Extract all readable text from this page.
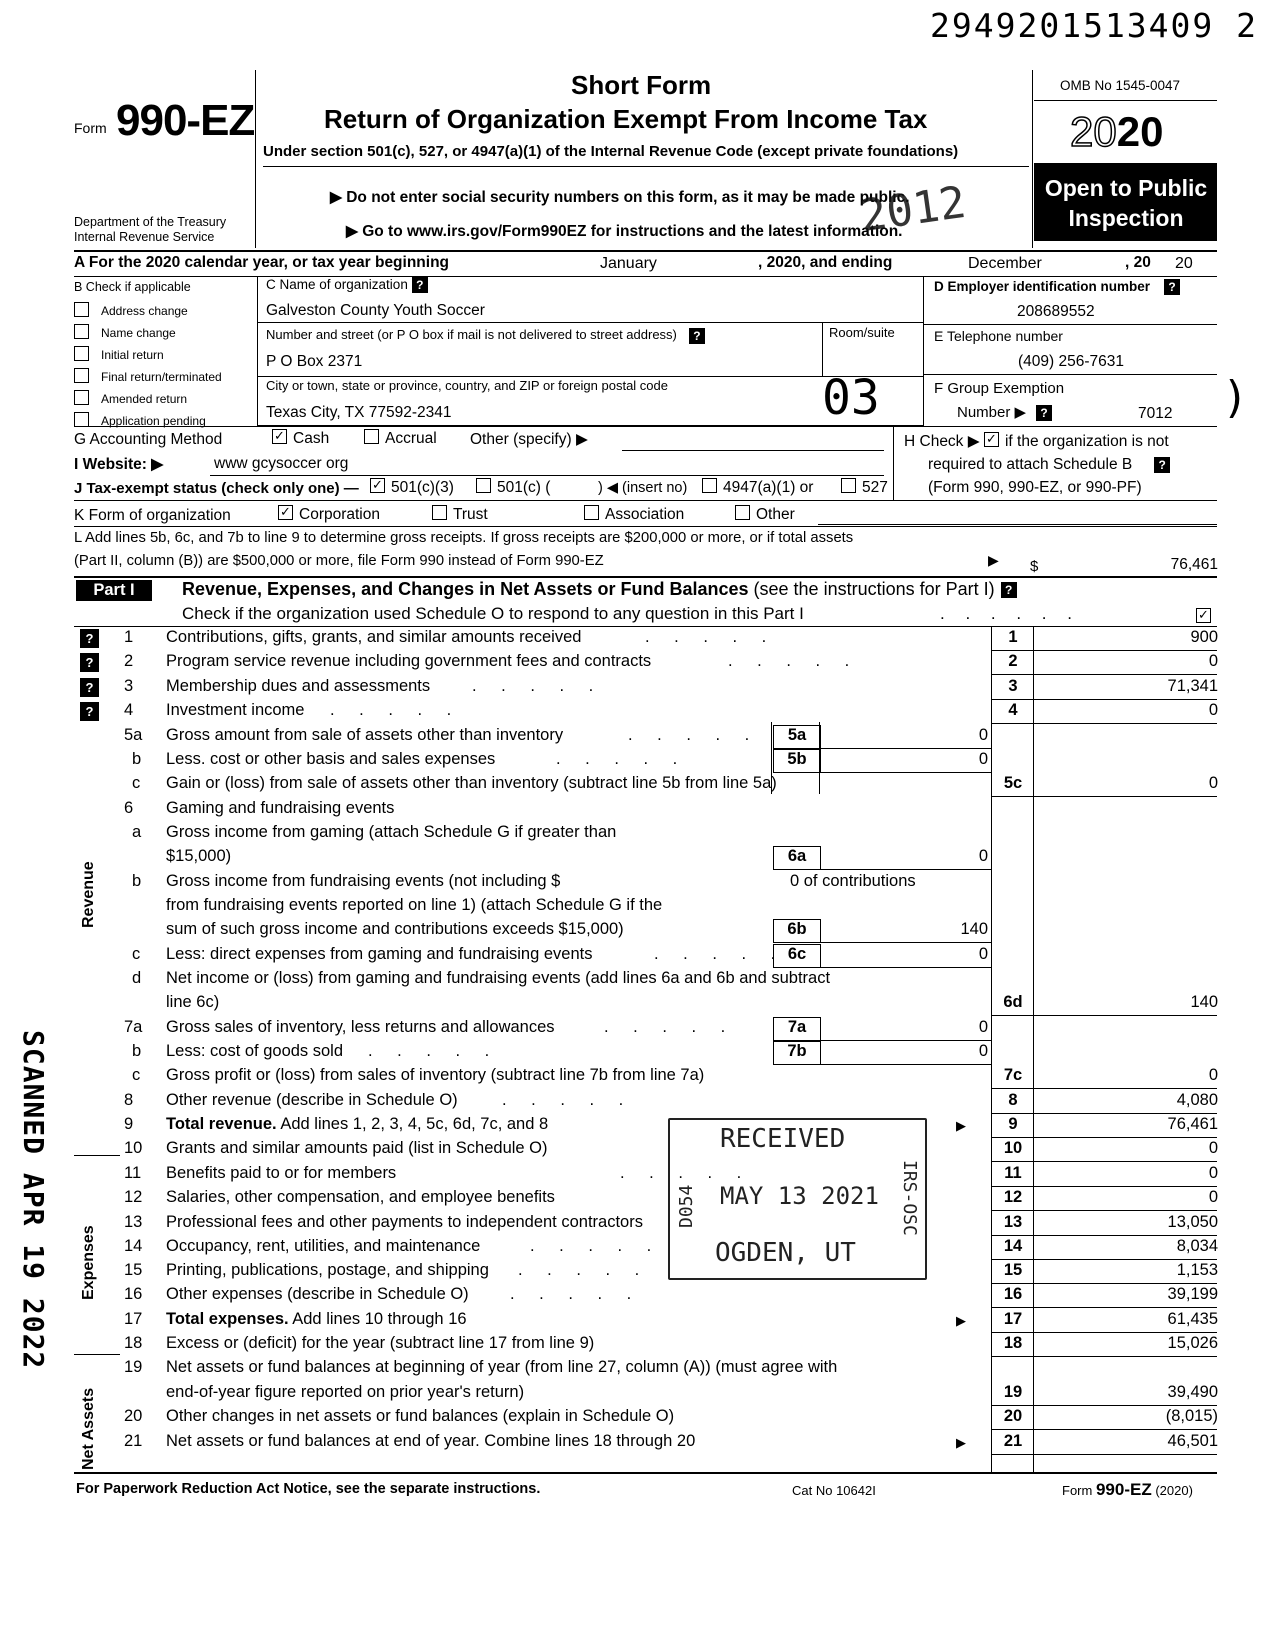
2949201513409 2
Form 990-EZ
Department of the Treasury
Internal Revenue Service
Short Form
Return of Organization Exempt From Income Tax
Under section 501(c), 527, or 4947(a)(1) of the Internal Revenue Code (except private foundations)
▶ Do not enter social security numbers on this form, as it may be made public.
▶ Go to www.irs.gov/Form990EZ for instructions and the latest information.
2012
OMB No 1545-0047
2020
Open to Public Inspection
A For the 2020 calendar year, or tax year beginning	January	, 2020, and ending	December	, 20 20
B Check if applicable
Address change
Name change
Initial return
Final return/terminated
Amended return
Application pending
C Name of organization ?
Galveston County Youth Soccer
Number and street (or P O box if mail is not delivered to street address) ?	Room/suite
P O Box 2371
City or town, state or province, country, and ZIP or foreign postal code
Texas City, TX 77592-2341	03
D Employer identification number ?
208689552
E Telephone number
(409) 256-7631
F Group Exemption
Number ▶ ?	7012 )
G Accounting Method	✓ Cash	Accrual Other (specify) ▶	H Check ▶ ✓ if the organization is not
required to attach Schedule B ?
(Form 990, 990-EZ, or 990-PF)
I Website: ▶	www gcysoccer org
J Tax-exempt status (check only one) — ✓ 501(c)(3)	501(c) (	) ◀ (insert no)	4947(a)(1) or	527
K Form of organization	✓ Corporation	Trust	Association	Other
L Add lines 5b, 6c, and 7b to line 9 to determine gross receipts. If gross receipts are $200,000 or more, or if total assets
(Part II, column (B)) are $500,000 or more, file Form 990 instead of Form 990-EZ	▶ $	76,461
Part I	Revenue, Expenses, and Changes in Net Assets or Fund Balances (see the instructions for Part I) ?
Check if the organization used Schedule O to respond to any question in this Part I	. . . . . .	✓
?	1	Contributions, gifts, grants, and similar amounts received	. . . . .	1	900
?	2	Program service revenue including government fees and contracts	. . . . .	2	0
?	3	Membership dues and assessments	. . . . .	3	71,341
?	4	Investment income . . . . .	4	0
5a	Gross amount from sale of assets other than inventory	. . . . .	5a	0
b	Less. cost or other basis and sales expenses	. . . . .	5b	0
c	Gain or (loss) from sale of assets other than inventory (subtract line 5b from line 5a)	5c	0
6	Gaming and fundraising events
a	Gross income from gaming (attach Schedule G if greater than
$15,000)	6a	0
b	Gross income from fundraising events (not including $	0 of contributions
from fundraising events reported on line 1) (attach Schedule G if the
sum of such gross income and contributions exceeds $15,000)	6b	140
c	Less: direct expenses from gaming and fundraising events	. . . . . 6c	0
d	Net income or (loss) from gaming and fundraising events (add lines 6a and 6b and subtract
line 6c)	6d	140
7a	Gross sales of inventory, less returns and allowances	. . . . .	7a	0
b	Less: cost of goods sold . . . . .	7b	0
c	Gross profit or (loss) from sales of inventory (subtract line 7b from line 7a)	7c	0
8	Other revenue (describe in Schedule O)	. . . . .	8	4,080
9	Total revenue. Add lines 1, 2, 3, 4, 5c, 6d, 7c, and 8	9	76,461
▶
10	Grants and similar amounts paid (list in Schedule O)	10	0
11	Benefits paid to or for members	. . . . .	11	0
12	Salaries, other compensation, and employee benefits	12	0
13	Professional fees and other payments to independent contractors	13	13,050
14	Occupancy, rent, utilities, and maintenance	. . . . .	14	8,034
15	Printing, publications, postage, and shipping . . . . .	15	1,153
16	Other expenses (describe in Schedule O)	. . . . .	16	39,199
17	Total expenses. Add lines 10 through 16	17	61,435
▶
18	Excess or (deficit) for the year (subtract line 17 from line 9)	18	15,026
19	Net assets or fund balances at beginning of year (from line 27, column (A)) (must agree with
end-of-year figure reported on prior year's return)	19	39,490
20	Other changes in net assets or fund balances (explain in Schedule O)	20	(8,015)
21	Net assets or fund balances at end of year. Combine lines 18 through 20	21	46,501
▶
Revenue
Expenses
Net Assets
SCANNED APR 19 2022	RECEIVED
MAY 13 2021
OGDEN, UT
D054	IRS-OSC
For Paperwork Reduction Act Notice, see the separate instructions.	Cat No 10642I	Form 990-EZ (2020)
